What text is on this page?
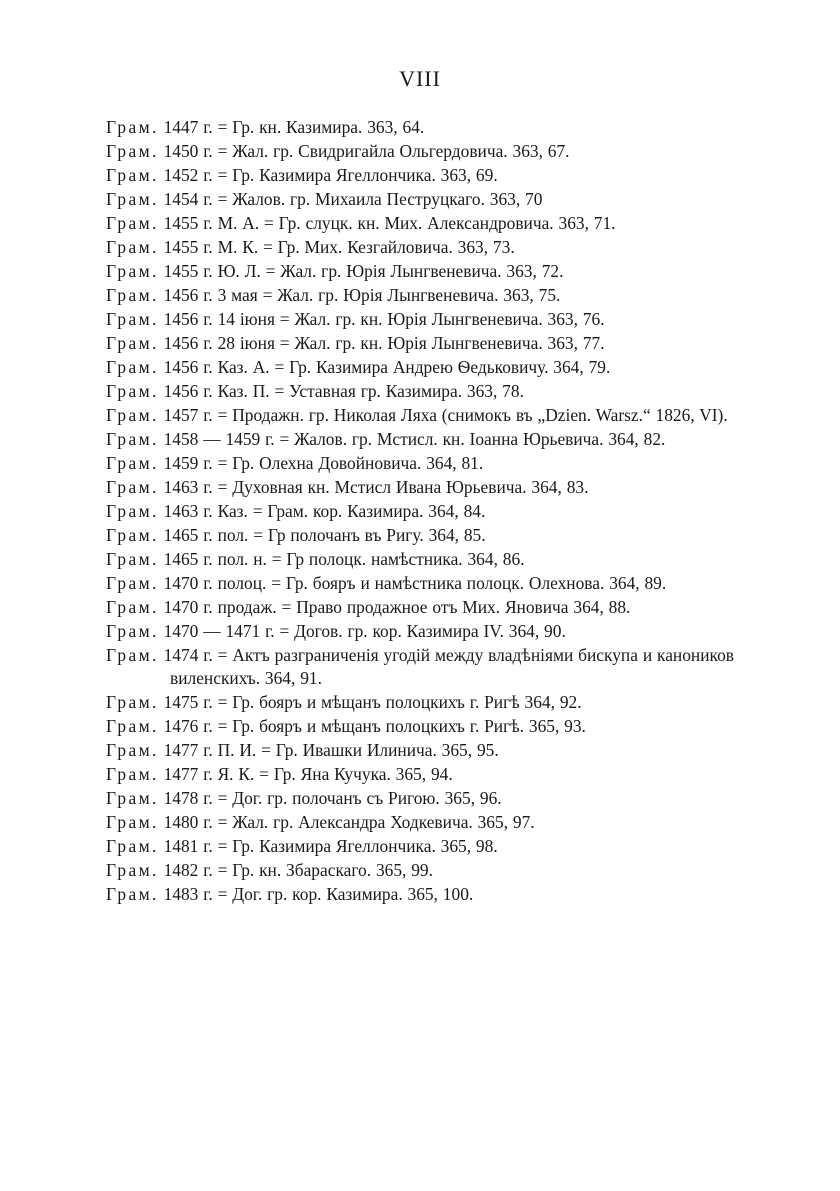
VIII
Грам. 1447 г. = Гр. кн. Казимира. 363, 64.
Грам. 1450 г. = Жал. гр. Свидригайла Ольгердовича. 363, 67.
Грам. 1452 г. = Гр. Казимира Ягеллончика. 363, 69.
Грам. 1454 г. = Жалов. гр. Михаила Пеструцкаго. 363, 70
Грам. 1455 г. М. А. = Гр. слуцк. кн. Мих. Александровича. 363, 71.
Грам. 1455 г. М. К. = Гр. Мих. Кезгайловича. 363, 73.
Грам. 1455 г. Ю. Л. = Жал. гр. Юрія Лынгвеневича. 363, 72.
Грам. 1456 г. 3 мая = Жал. гр. Юрія Лынгвеневича. 363, 75.
Грам. 1456 г. 14 іюня = Жал. гр. кн. Юрія Лынгвеневича. 363, 76.
Грам. 1456 г. 28 іюня = Жал. гр. кн. Юрія Лынгвеневича. 363, 77.
Грам. 1456 г. Каз. А. = Гр. Казимира Андрею Ѳедьковичу. 364, 79.
Грам. 1456 г. Каз. П. = Уставная гр. Казимира. 363, 78.
Грам. 1457 г. = Продажн. гр. Николая Ляха (снимокъ въ „Dzien. Warsz.“ 1826, VI).
Грам. 1458 — 1459 г. = Жалов. гр. Мстисл. кн. Іоанна Юрьевича. 364, 82.
Грам. 1459 г. = Гр. Олехна Довойновича. 364, 81.
Грам. 1463 г. = Духовная кн. Мстисл Ивана Юрьевича. 364, 83.
Грам. 1463 г. Каз. = Грам. кор. Казимира. 364, 84.
Грам. 1465 г. пол. = Гр полочанъ въ Ригу. 364, 85.
Грам. 1465 г. пол. н. = Гр полоцк. намѣстника. 364, 86.
Грам. 1470 г. полоц. = Гр. бояръ и намѣстника полоцк. Олехнова. 364, 89.
Грам. 1470 г. продаж. = Право продажное отъ Мих. Яновича 364, 88.
Грам. 1470 — 1471 г. = Догов. гр. кор. Казимира IV. 364, 90.
Грам. 1474 г. = Актъ разграниченія угодій между владѣніями бискупа и каноников виленскихъ. 364, 91.
Грам. 1475 г. = Гр. бояръ и мѣщанъ полоцкихъ г. Ригѣ 364, 92.
Грам. 1476 г. = Гр. бояръ и мѣщанъ полоцкихъ г. Ригѣ. 365, 93.
Грам. 1477 г. П. И. = Гр. Ивашки Илинича. 365, 95.
Грам. 1477 г. Я. К. = Гр. Яна Кучука. 365, 94.
Грам. 1478 г. = Дог. гр. полочанъ съ Ригою. 365, 96.
Грам. 1480 г. = Жал. гр. Александра Ходкевича. 365, 97.
Грам. 1481 г. = Гр. Казимира Ягеллончика. 365, 98.
Грам. 1482 г. = Гр. кн. Збараскаго. 365, 99.
Грам. 1483 г. = Дог. гр. кор. Казимира. 365, 100.
